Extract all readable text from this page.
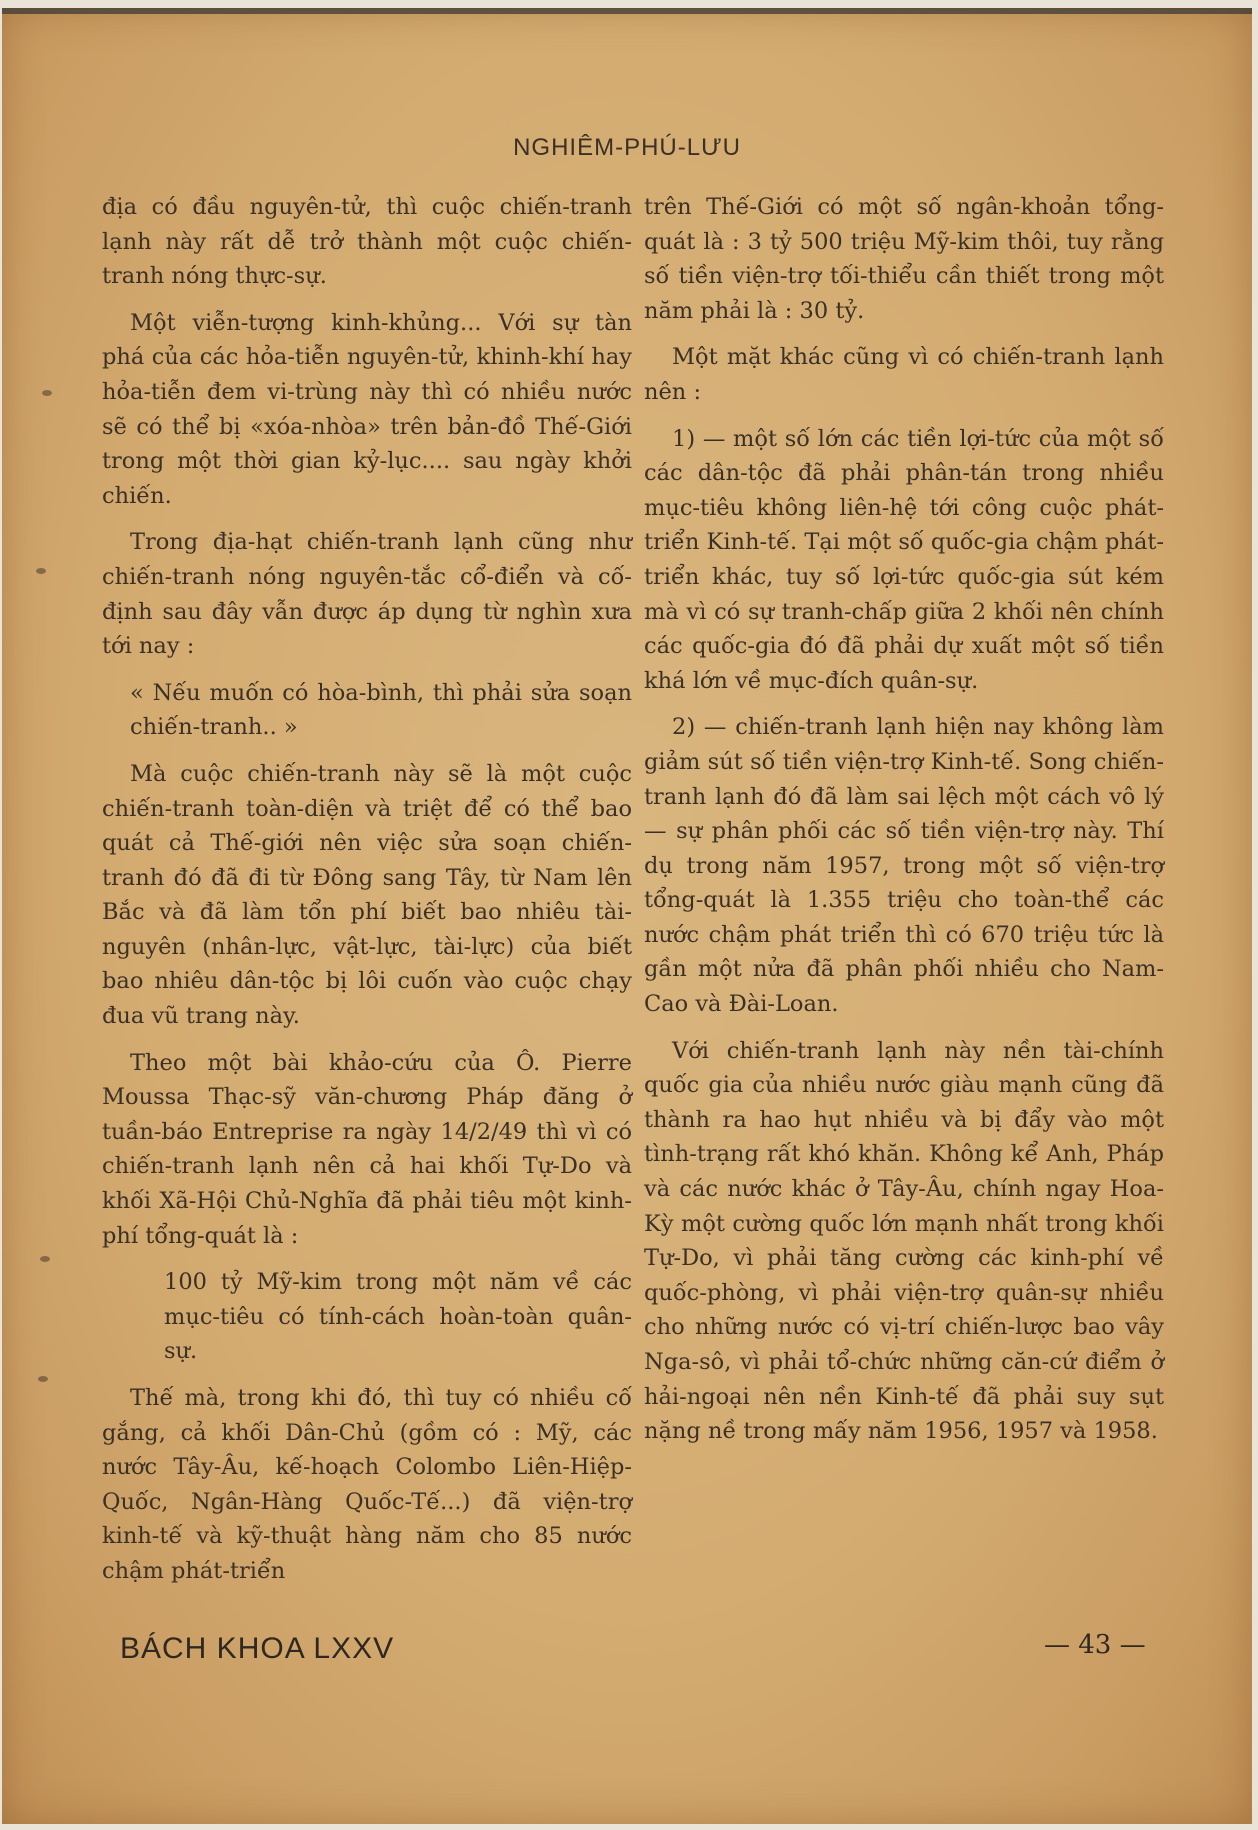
NGHIÊM-PHÚ-LƯU

địa có đầu nguyên-tử, thì cuộc chiến-tranh lạnh này rất dễ trở thành một cuộc chiến-tranh nóng thực-sự.

Một viễn-tượng kinh-khủng... Với sự tàn phá của các hỏa-tiễn nguyên-tử, khinh-khí hay hỏa-tiễn đem vi-trùng này thì có nhiều nước sẽ có thể bị «xóa-nhòa» trên bản-đồ Thế-Giới trong một thời gian kỷ-lục.... sau ngày khởi chiến.

Trong địa-hạt chiến-tranh lạnh cũng như chiến-tranh nóng nguyên-tắc cổ-điển và cố-định sau đây vẫn được áp dụng từ nghìn xưa tới nay :

« Nếu muốn có hòa-bình, thì phải sửa soạn chiến-tranh.. »

Mà cuộc chiến-tranh này sẽ là một cuộc chiến-tranh toàn-diện và triệt để có thể bao quát cả Thế-giới nên việc sửa soạn chiến-tranh đó đã đi từ Đông sang Tây, từ Nam lên Bắc và đã làm tổn phí biết bao nhiêu tài-nguyên (nhân-lực, vật-lực, tài-lực) của biết bao nhiêu dân-tộc bị lôi cuốn vào cuộc chạy đua vũ trang này.

Theo một bài khảo-cứu của Ô. Pierre Moussa Thạc-sỹ văn-chương Pháp đăng ở tuần-báo Entreprise ra ngày 14/2/49 thì vì có chiến-tranh lạnh nên cả hai khối Tự-Do và khối Xã-Hội Chủ-Nghĩa đã phải tiêu một kinh-phí tổng-quát là :

100 tỷ Mỹ-kim trong một năm về các mục-tiêu có tính-cách hoàn-toàn quân-sự.

Thế mà, trong khi đó, thì tuy có nhiều cố gắng, cả khối Dân-Chủ (gồm có : Mỹ, các nước Tây-Âu, kế-hoạch Colombo Liên-Hiệp-Quốc, Ngân-Hàng Quốc-Tế...) đã viện-trợ kinh-tế và kỹ-thuật hàng năm cho 85 nước chậm phát-triển

trên Thế-Giới có một số ngân-khoản tổng-quát là : 3 tỷ 500 triệu Mỹ-kim thôi, tuy rằng số tiền viện-trợ tối-thiểu cần thiết trong một năm phải là : 30 tỷ.

Một mặt khác cũng vì có chiến-tranh lạnh nên :

1) — một số lớn các tiền lợi-tức của một số các dân-tộc đã phải phân-tán trong nhiều mục-tiêu không liên-hệ tới công cuộc phát-triển Kinh-tế. Tại một số quốc-gia chậm phát-triển khác, tuy số lợi-tức quốc-gia sút kém mà vì có sự tranh-chấp giữa 2 khối nên chính các quốc-gia đó đã phải dự xuất một số tiền khá lớn về mục-đích quân-sự.

2) — chiến-tranh lạnh hiện nay không làm giảm sút số tiền viện-trợ Kinh-tế. Song chiến-tranh lạnh đó đã làm sai lệch một cách vô lý — sự phân phối các số tiền viện-trợ này. Thí dụ trong năm 1957, trong một số viện-trợ tổng-quát là 1.355 triệu cho toàn-thể các nước chậm phát triển thì có 670 triệu tức là gần một nửa đã phân phối nhiều cho Nam-Cao và Đài-Loan.

Với chiến-tranh lạnh này nền tài-chính quốc gia của nhiều nước giàu mạnh cũng đã thành ra hao hụt nhiều và bị đẩy vào một tình-trạng rất khó khăn. Không kể Anh, Pháp và các nước khác ở Tây-Âu, chính ngay Hoa-Kỳ một cường quốc lớn mạnh nhất trong khối Tự-Do, vì phải tăng cường các kinh-phí về quốc-phòng, vì phải viện-trợ quân-sự nhiều cho những nước có vị-trí chiến-lược bao vây Nga-sô, vì phải tổ-chức những căn-cứ điểm ở hải-ngoại nên nền Kinh-tế đã phải suy sụt nặng nề trong mấy năm 1956, 1957 và 1958.

BÁCH KHOA LXXV	— 43 —
